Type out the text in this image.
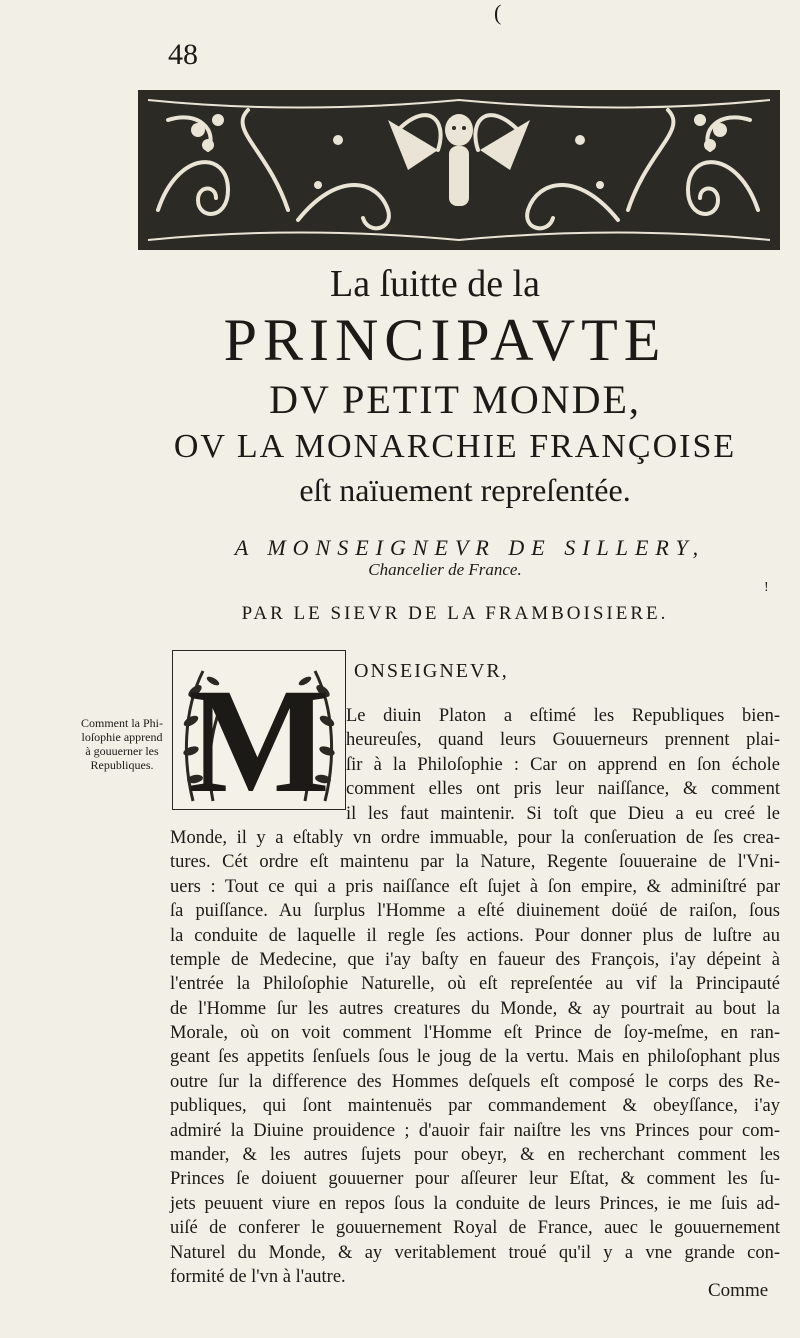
(
48
La ſuitte de la
PRINCIPAVTE
DV PETIT MONDE,
OV LA MONARCHIE FRANÇOISE
eſt naïuement repreſentée.
A MONSEIGNEVR DE SILLERY,
Chancelier de France.
PAR LE SIEVR DE LA FRAMBOISIERE.
!
M ONSEIGNEVR,
Comment la Phi-
loſophie apprend
à gouuerner les
Republiques.
Le diuin Platon a eſtimé les Republiques bien-
heureuſes, quand leurs Gouuerneurs prennent plai-
ſir à la Philoſophie : Car on apprend en ſon échole
comment elles ont pris leur naiſſance, & comment
il les faut maintenir. Si toſt que Dieu a eu creé le
Monde, il y a eſtably vn ordre immuable, pour la conſeruation de ſes crea-
tures. Cét ordre eſt maintenu par la Nature, Regente ſouueraine de l'Vni-
uers : Tout ce qui a pris naiſſance eſt ſujet à ſon empire, & adminiſtré par
ſa puiſſance. Au ſurplus l'Homme a eſté diuinement doüé de raiſon, ſous
la conduite de laquelle il regle ſes actions. Pour donner plus de luſtre au
temple de Medecine, que i'ay baſty en faueur des François, i'ay dépeint à
l'entrée la Philoſophie Naturelle, où eſt repreſentée au vif la Principauté
de l'Homme ſur les autres creatures du Monde, & ay pourtrait au bout la
Morale, où on voit comment l'Homme eſt Prince de ſoy-meſme, en ran-
geant ſes appetits ſenſuels ſous le joug de la vertu. Mais en philoſophant plus
outre ſur la difference des Hommes deſquels eſt composé le corps des Re-
publiques, qui ſont maintenuës par commandement & obeyſſance, i'ay
admiré la Diuine prouidence ; d'auoir fair naiſtre les vns Princes pour com-
mander, & les autres ſujets pour obeyr, & en recherchant comment les
Princes ſe doiuent gouuerner pour aſſeurer leur Eſtat, & comment les ſu-
jets peuuent viure en repos ſous la conduite de leurs Princes, ie me ſuis ad-
uiſé de conferer le gouuernement Royal de France, auec le gouuernement
Naturel du Monde, & ay veritablement troué qu'il y a vne grande con-
formité de l'vn à l'autre.
Comme
